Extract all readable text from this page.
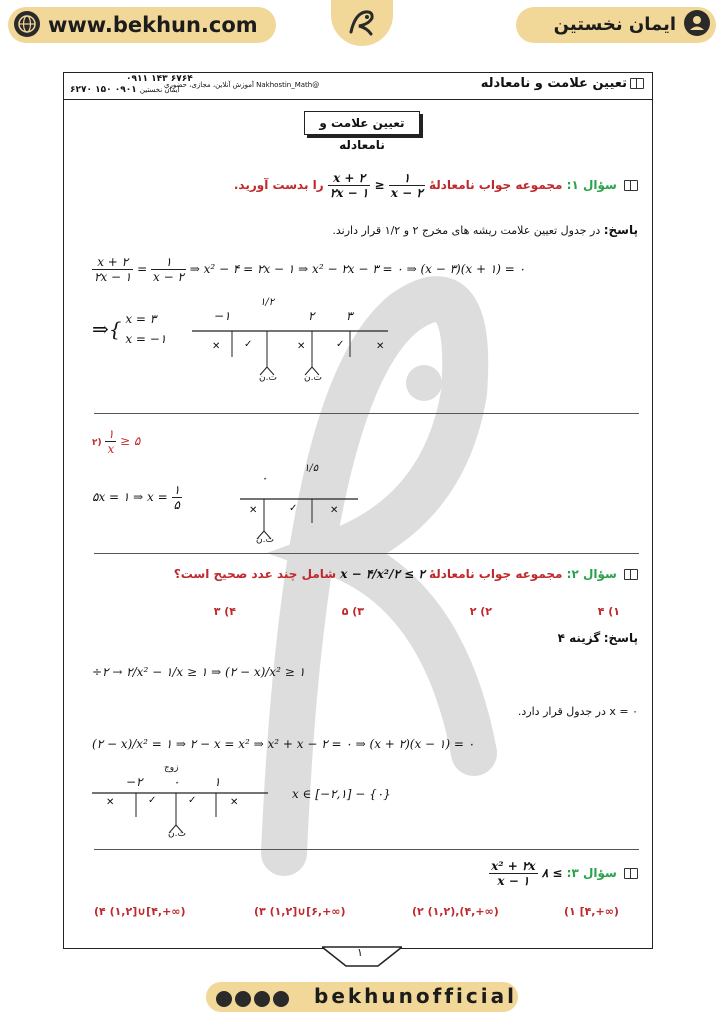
www.bekhun.com	ایمان نخستین
تعیین علامت و نامعادله
@Nakhostin_Math آموزش آنلاین، مجازی، حضوری
۰۹۱۱ ۱۴۳ ۶۷۶۴
ایمان نخستین ۰۹۰۱ ۱۵۰ ۶۲۷۰
تعیین علامت و نامعادله
سؤال ۱: مجموعه جواب نامعادلهٔ
$\frac{۱}{x - ۲}$
≤
$\frac{x + ۲}{۲x - ۱}$
را بدست آورید.
پاسخ: در جدول تعیین علامت ریشه های مخرج ۲ و ۱/۲ قرار دارند.
$\frac{x + ۲}{۲x - ۱} = \frac{۱}{x - ۲}$ ⇒ x² − ۴ = ۲x − ۱ ⇒ x² − ۲x − ۳ = ۰ ⇒ (x − ۳)(x + ۱) = ۰
⇒{ x = ۳
x = −۱
−۱
۱/۲
۲	۳
✕ ✓	✕	✓	✕
ت.ن	ت.ن
۲) $\frac{۱}{x}$ ≥ ۵
۵x = ۱ ⇒ $x = \frac{۱}{۵}$
۰
۱/۵
✕	✓	✕
ت.ن
سؤال ۲: مجموعه جواب نامعادلهٔ ۲ ≥ ۲/x − ۴/x² شامل چند عدد صحیح است؟
۴ (۱
۲ (۲
۵ (۳
۳ (۴
پاسخ: گزینه ۴
÷۲ → ۲/x² − ۱/x ≥ ۱ ⇒ (۲ − x)/x² ≥ ۱
x = ۰ در جدول قرار دارد.
(۲ − x)/x² = ۱ ⇒ ۲ − x = x² ⇒ x² + x − ۲ = ۰ ⇒ (x + ۲)(x − ۱) = ۰
−۲
زوج
۰	۱
✕	✓	✓	✕
ت.ن
x ∈ [−۲,۱] − {۰}
سؤال ۳: ≥ ۸
$\frac{\text{x² + ۲x}}{x - ۱}$
(۱ [۴,+∞)
(۲ (۱,۲),(۴,+∞)
(۳ (۱,۲]∪[۶,+∞)
(۴ (۱,۲]∪[۴,+∞)
۱
bekhunofficial
